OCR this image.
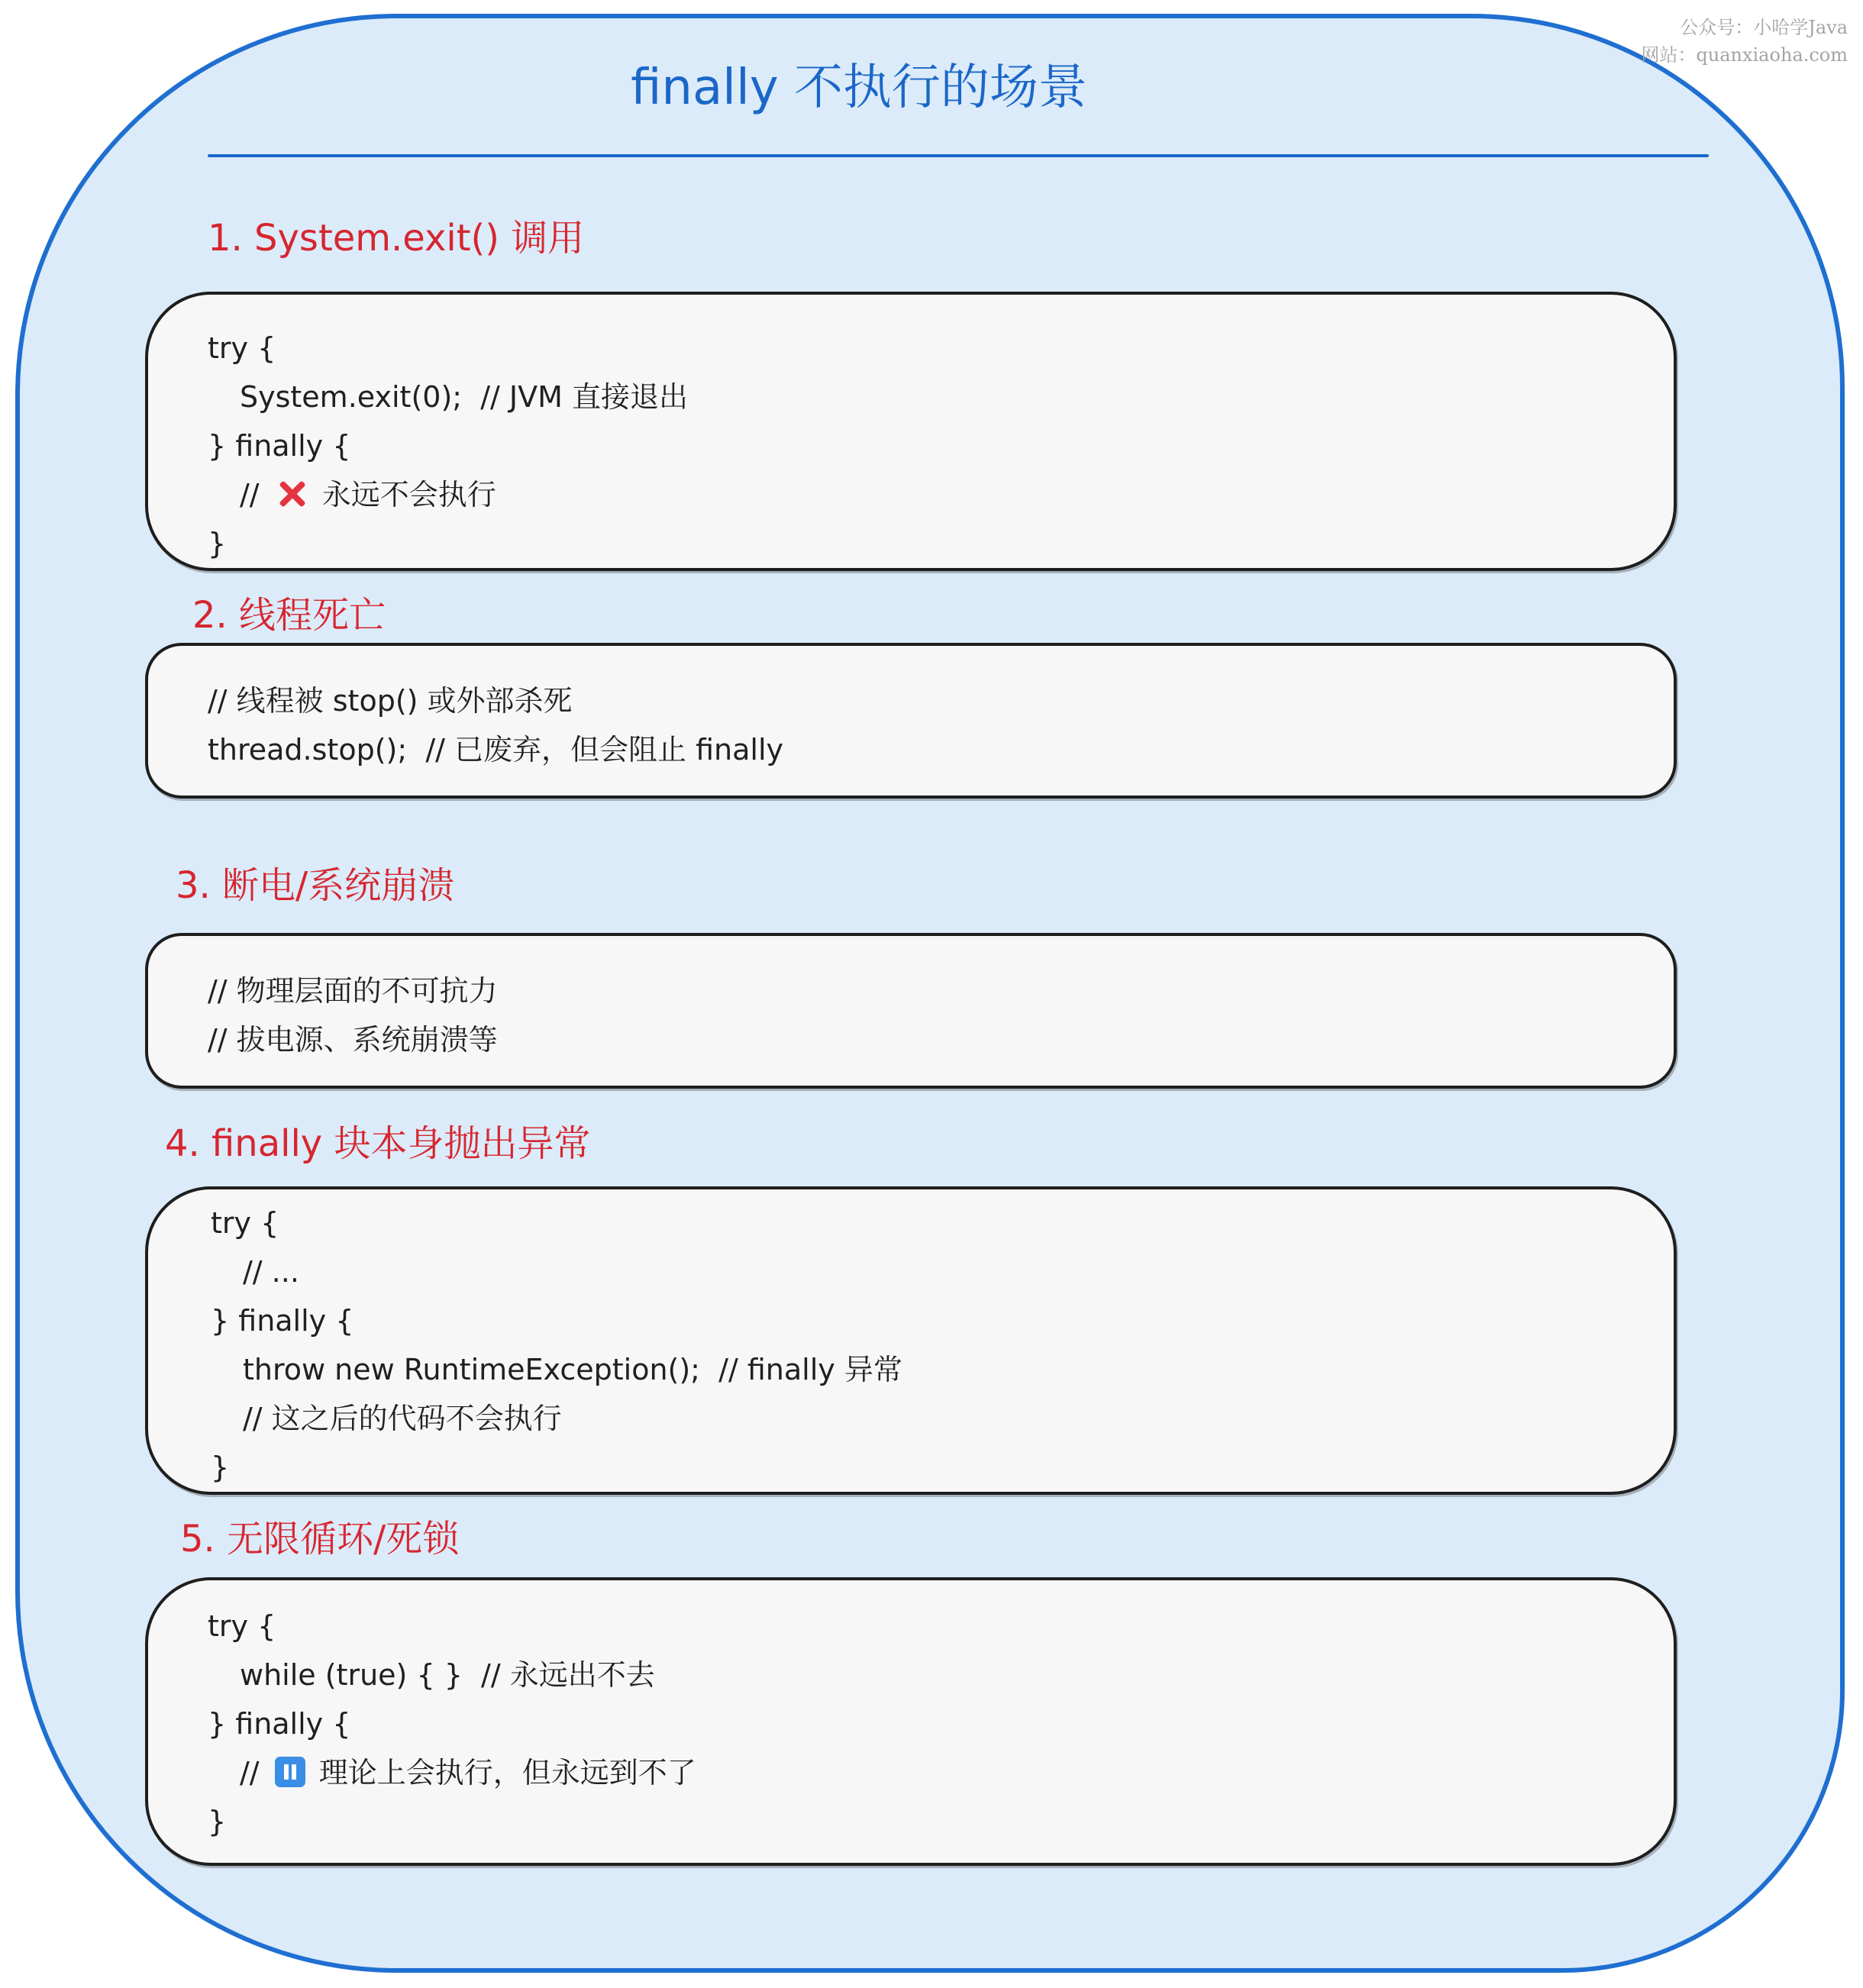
公众号：小哈学Java
网站：quanxiaoha.com
finally 不执行的场景
1. System.exit() 调用
try {
System.exit(0);  // JVM 直接退出
} finally {
// 永远不会执行
}
2. 线程死亡
// 线程被 stop() 或外部杀死
thread.stop();  // 已废弃，但会阻止 finally
3. 断电/系统崩溃
// 物理层面的不可抗力
// 拔电源、系统崩溃等
4. finally 块本身抛出异常
try {
// ...
} finally {
throw new RuntimeException();  // finally 异常
// 这之后的代码不会执行
}
5. 无限循环/死锁
try {
while (true) { }  // 永远出不去
} finally {
// 理论上会执行，但永远到不了
}
